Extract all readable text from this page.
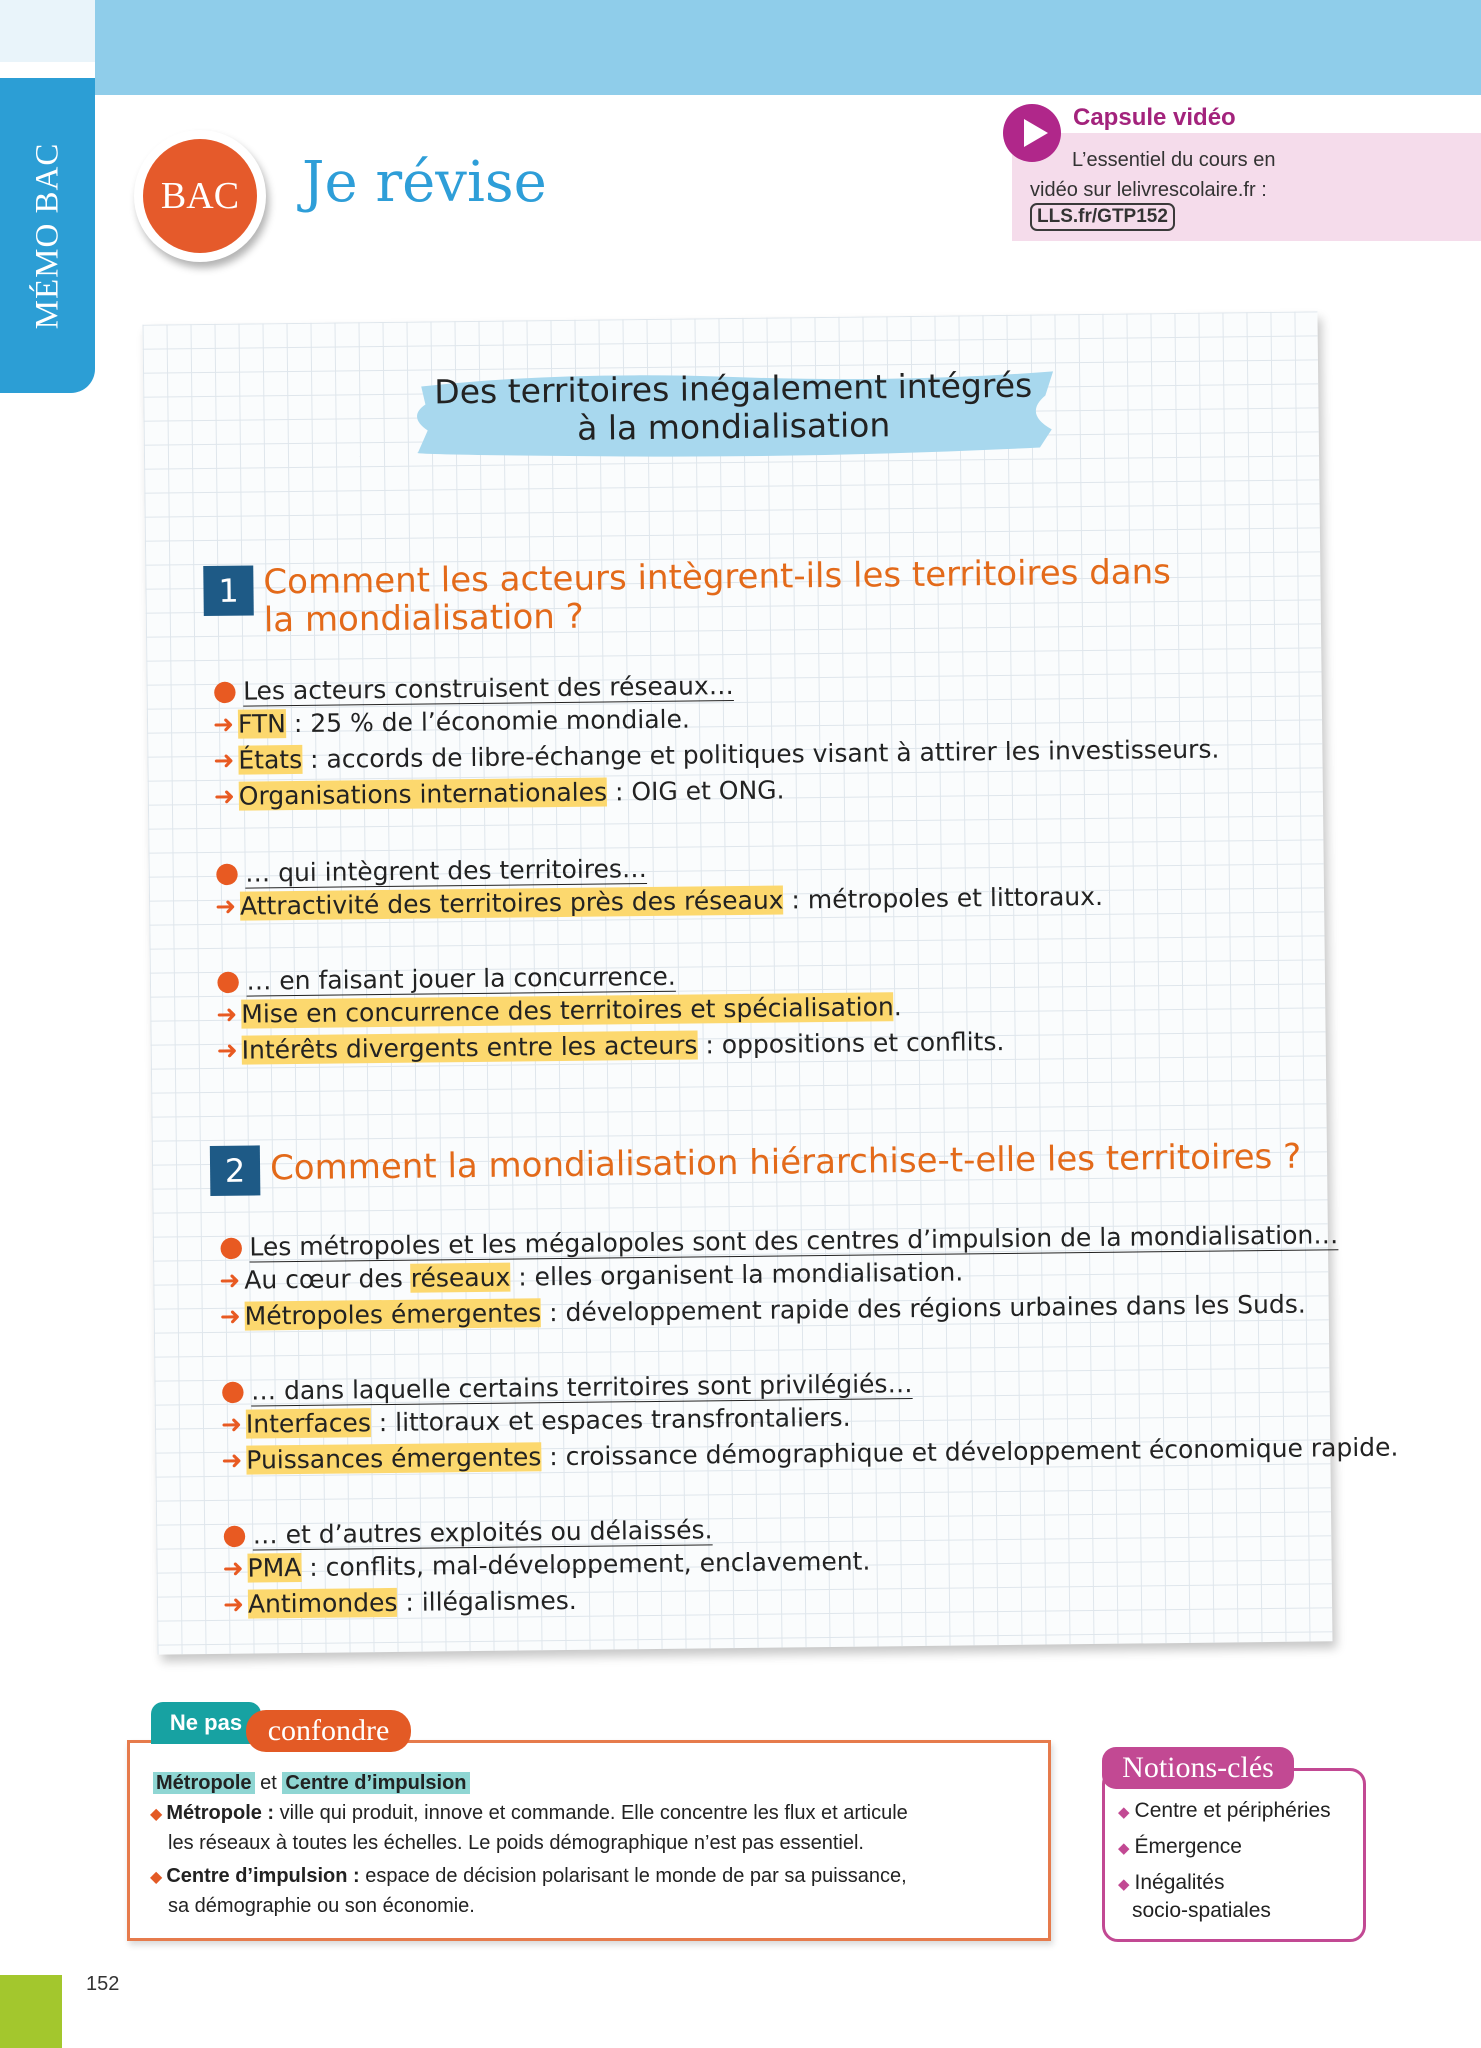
MÉMO BAC	BAC	Je révise
Capsule vidéo
L’essentiel du cours en
vidéo sur lelivrescolaire.fr :
LLS.fr/GTP152
Des territoires inégalement intégrés
à la mondialisation
1 Comment les acteurs intègrent-ils les territoires dans
la mondialisation ?
● Les acteurs construisent des réseaux…
➜ FTN : 25 % de l’économie mondiale.
➜ États : accords de libre-échange et politiques visant à attirer les investisseurs.
➜ Organisations internationales : OIG et ONG.
● … qui intègrent des territoires…
➜ Attractivité des territoires près des réseaux : métropoles et littoraux.
● … en faisant jouer la concurrence.
➜ Mise en concurrence des territoires et spécialisation.
➜ Intérêts divergents entre les acteurs : oppositions et conflits.
2 Comment la mondialisation hiérarchise-t-elle les territoires ?
● Les métropoles et les mégalopoles sont des centres d’impulsion de la mondialisation…
➜ Au cœur des réseaux : elles organisent la mondialisation.
➜ Métropoles émergentes : développement rapide des régions urbaines dans les Suds.
● … dans laquelle certains territoires sont privilégiés…
➜ Interfaces : littoraux et espaces transfrontaliers.
➜ Puissances émergentes : croissance démographique et développement économique rapide.
● … et d’autres exploités ou délaissés.
➜ PMA : conflits, mal-développement, enclavement.
➜ Antimondes : illégalismes.
Ne pas confondre
Métropole et Centre d’impulsion
◆ Métropole : ville qui produit, innove et commande. Elle concentre les flux et articule
les réseaux à toutes les échelles. Le poids démographique n’est pas essentiel.
◆ Centre d’impulsion : espace de décision polarisant le monde de par sa puissance,
sa démographie ou son économie.
Notions-clés
◆ Centre et périphéries
◆ Émergence
◆ Inégalités
socio-spatiales
152
